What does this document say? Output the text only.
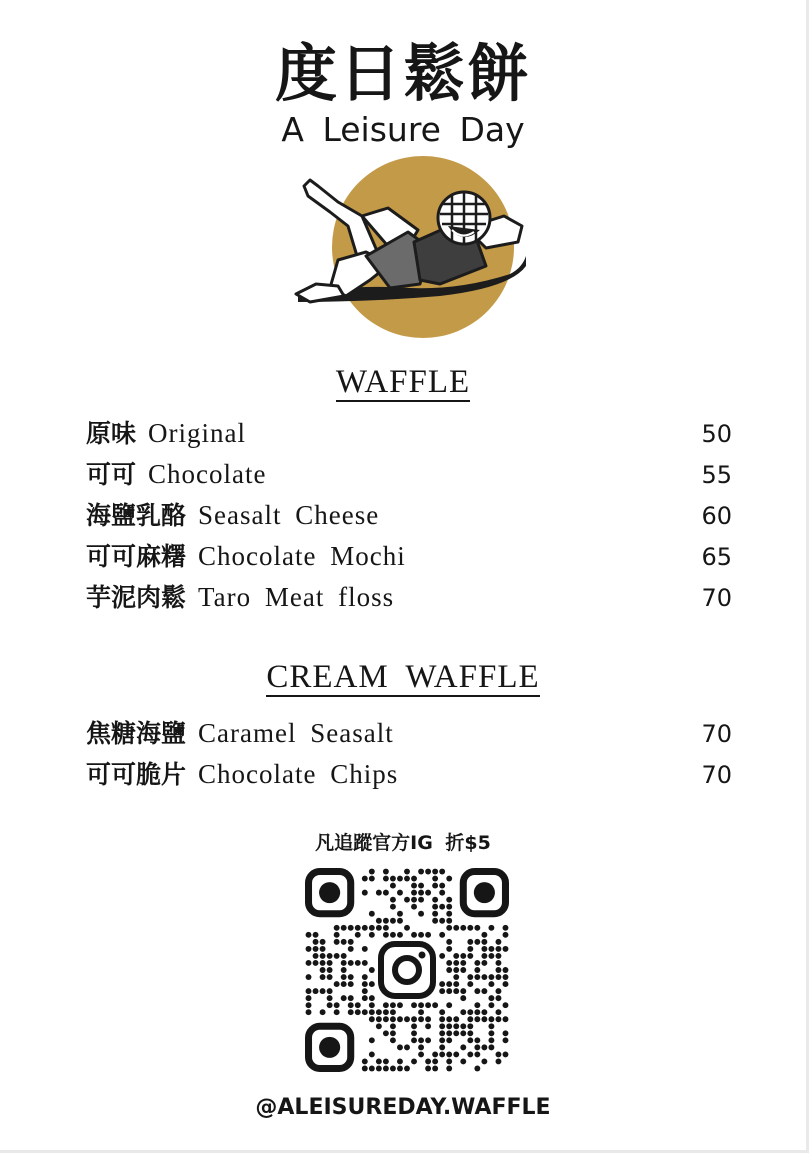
度日鬆餅
A Leisure Day
WAFFLE
原味 Original	50
可可 Chocolate	55
海鹽乳酪 Seasalt Cheese	60
可可麻糬 Chocolate Mochi	65
芋泥肉鬆 Taro Meat floss	70
CREAM WAFFLE
焦糖海鹽 Caramel Seasalt	70
可可脆片 Chocolate Chips	70
凡追蹤官方IG 折$5
@ALEISUREDAY.WAFFLE
